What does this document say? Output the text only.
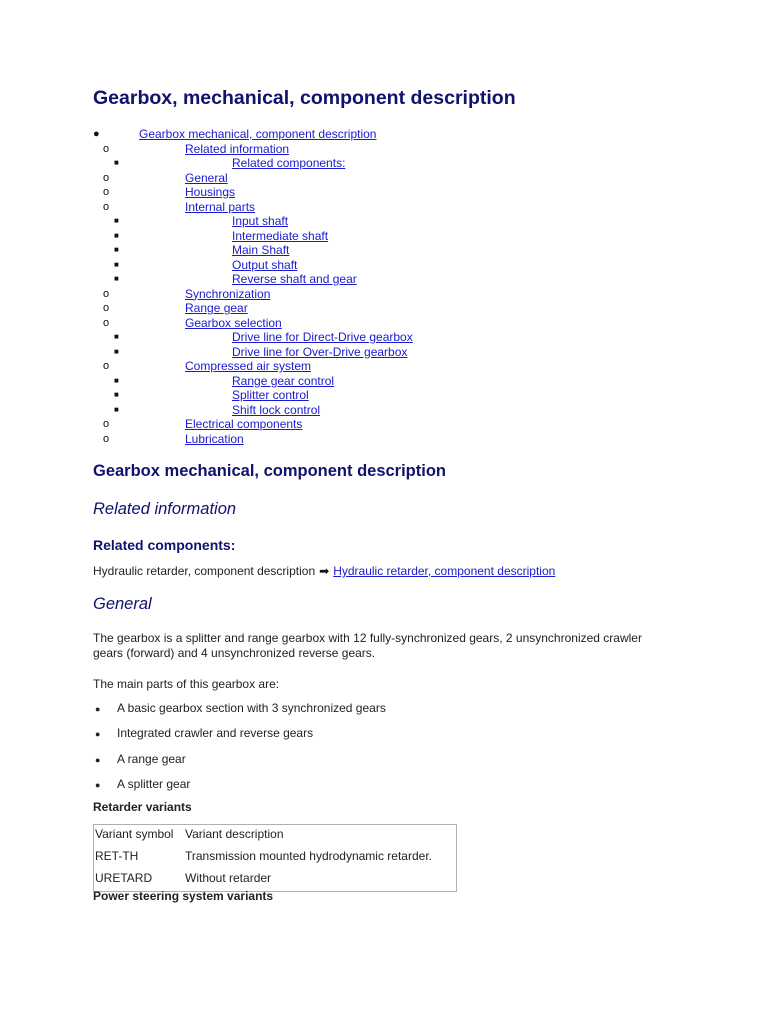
Gearbox, mechanical, component description
●	Gearbox mechanical, component description
o	Related information
■	Related components:
o	General
o	Housings
o	Internal parts
■	Input shaft
■	Intermediate shaft
■	Main Shaft
■	Output shaft
■	Reverse shaft and gear
o	Synchronization
o	Range gear
o	Gearbox selection
■	Drive line for Direct-Drive gearbox
■	Drive line for Over-Drive gearbox
o	Compressed air system
■	Range gear control
■	Splitter control
■	Shift lock control
o	Electrical components
o	Lubrication
Gearbox mechanical, component description
Related information
Related components:
Hydraulic retarder, component description ➡ Hydraulic retarder, component description
General
The gearbox is a splitter and range gearbox with 12 fully-synchronized gears, 2 unsynchronized crawler gears (forward) and 4 unsynchronized reverse gears.
The main parts of this gearbox are:
● A basic gearbox section with 3 synchronized gears
● Integrated crawler and reverse gears
● A range gear
● A splitter gear
Retarder variants
Variant symbol	Variant description
RET-TH	Transmission mounted hydrodynamic retarder.
URETARD	Without retarder
Power steering system variants
